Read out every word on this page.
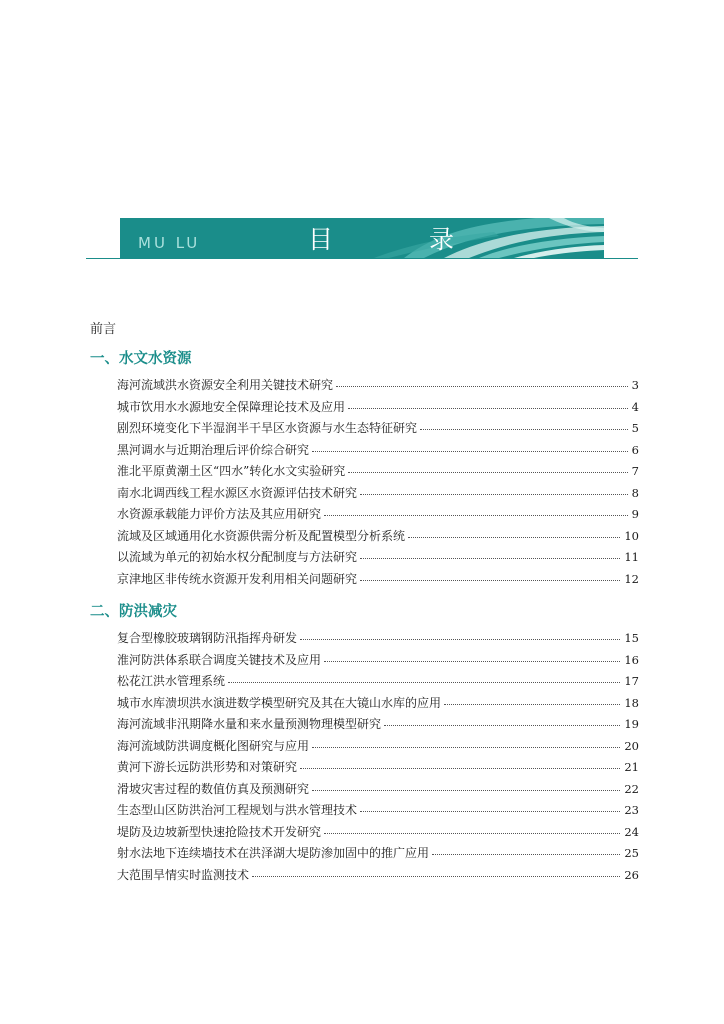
MU LU	目 录
前言
一、水文水资源
海河流域洪水资源安全利用关键技术研究	3
城市饮用水水源地安全保障理论技术及应用	4
剧烈环境变化下半湿润半干旱区水资源与水生态特征研究	5
黑河调水与近期治理后评价综合研究	6
淮北平原黄潮土区“四水”转化水文实验研究	7
南水北调西线工程水源区水资源评估技术研究	8
水资源承载能力评价方法及其应用研究	9
流域及区域通用化水资源供需分析及配置模型分析系统	10
以流域为单元的初始水权分配制度与方法研究	11
京津地区非传统水资源开发利用相关问题研究	12
二、防洪减灾
复合型橡胶玻璃钢防汛指挥舟研发	15
淮河防洪体系联合调度关键技术及应用	16
松花江洪水管理系统	17
城市水库溃坝洪水演进数学模型研究及其在大镜山水库的应用	18
海河流域非汛期降水量和来水量预测物理模型研究	19
海河流域防洪调度概化图研究与应用	20
黄河下游长远防洪形势和对策研究	21
滑坡灾害过程的数值仿真及预测研究	22
生态型山区防洪治河工程规划与洪水管理技术	23
堤防及边坡新型快速抢险技术开发研究	24
射水法地下连续墙技术在洪泽湖大堤防渗加固中的推广应用	25
大范围旱情实时监测技术	26
